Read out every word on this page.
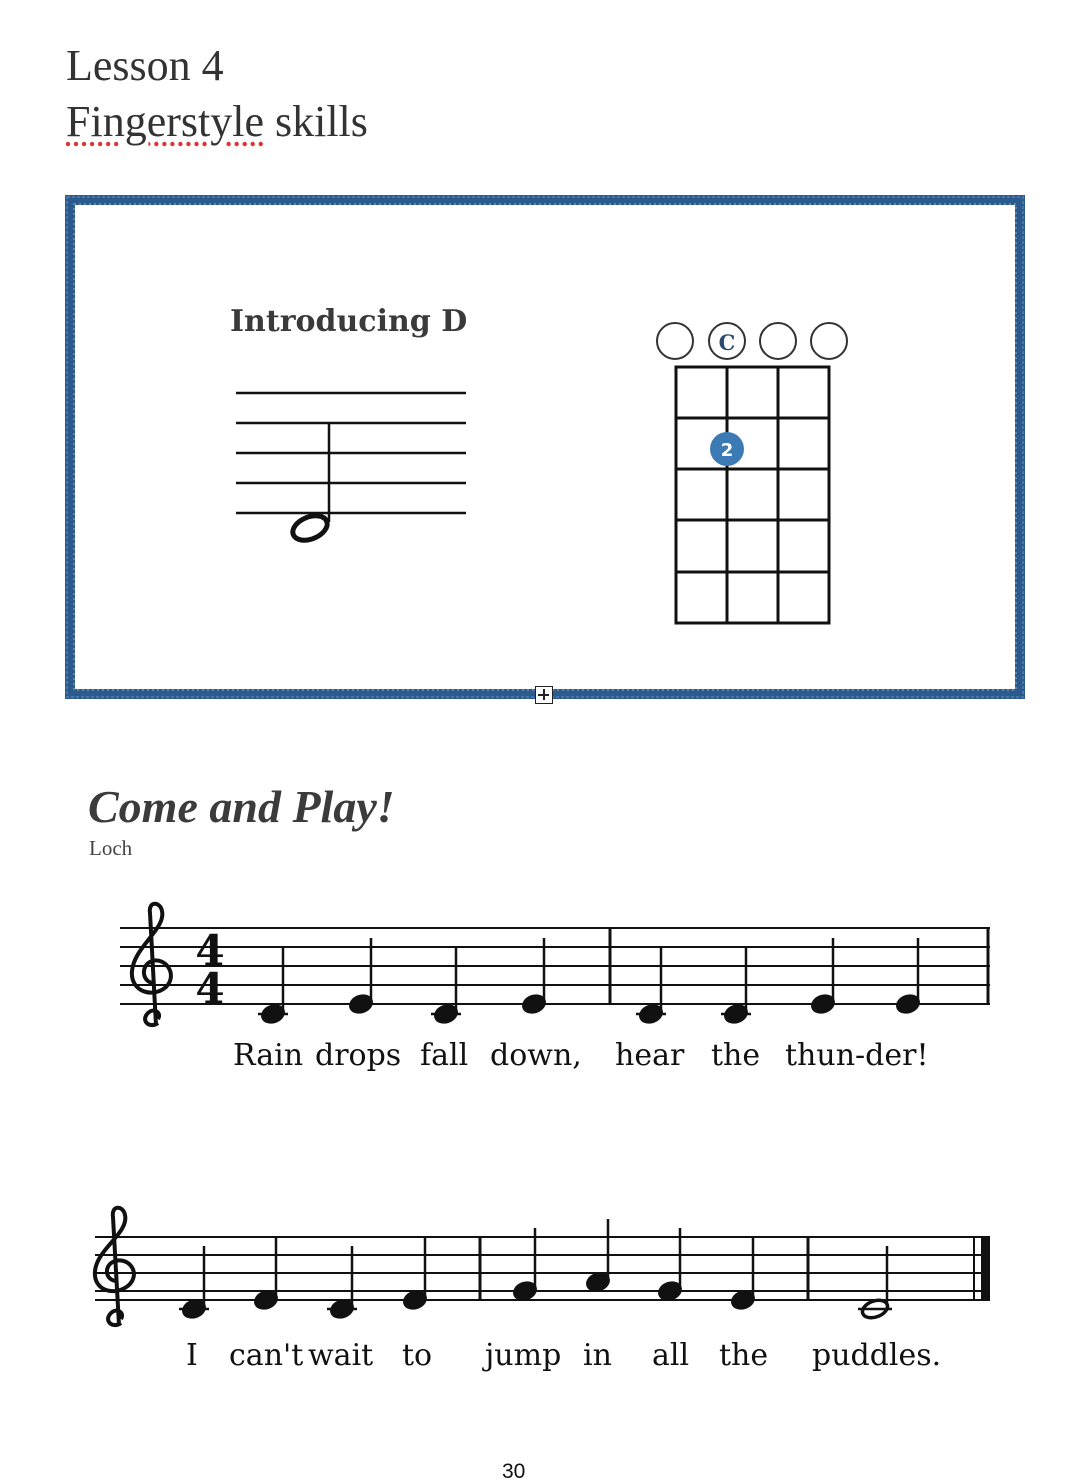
Lesson 4
Fingerstyle skills
Introducing D
C
2
Come and Play!
Loch
4
4
Rain drops fall down, hear the thun-der!
I can't wait to jump in all the puddles.
30
